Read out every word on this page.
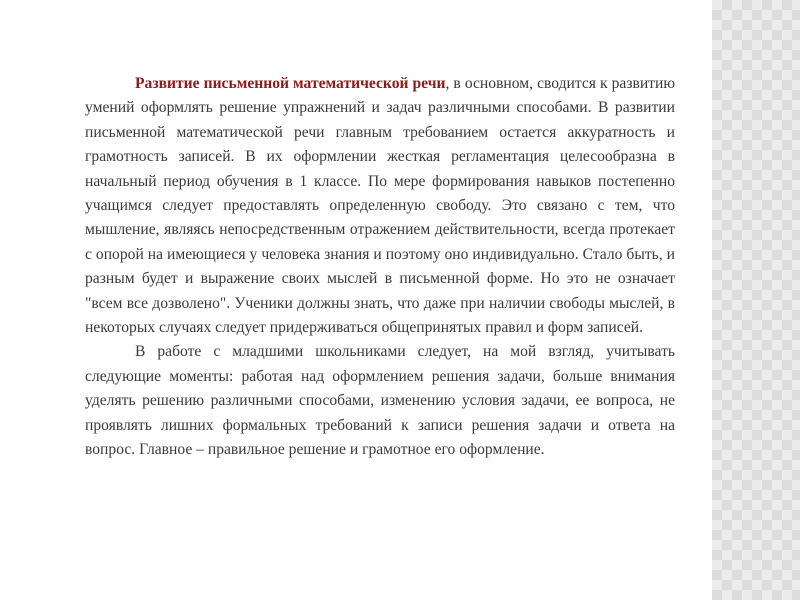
Развитие письменной математической речи, в основном, сводится к развитию умений оформлять решение упражнений и задач различными способами. В развитии письменной математической речи главным требованием остается аккуратность и грамотность записей. В их оформлении жесткая регламентация целесообразна в начальный период обучения в 1 классе. По мере формирования навыков постепенно учащимся следует предоставлять определенную свободу. Это связано с тем, что мышление, являясь непосредственным отражением действительности, всегда протекает с опорой на имеющиеся у человека знания и поэтому оно индивидуально. Стало быть, и разным будет и выражение своих мыслей в письменной форме. Но это не означает "всем все дозволено". Ученики должны знать, что даже при наличии свободы мыслей, в некоторых случаях следует придерживаться общепринятых правил и форм записей.

В работе с младшими школьниками следует, на мой взгляд, учитывать следующие моменты: работая над оформлением решения задачи, больше внимания уделять решению различными способами, изменению условия задачи, ее вопроса, не проявлять лишних формальных требований к записи решения задачи и ответа на вопрос. Главное – правильное решение и грамотное его оформление.
